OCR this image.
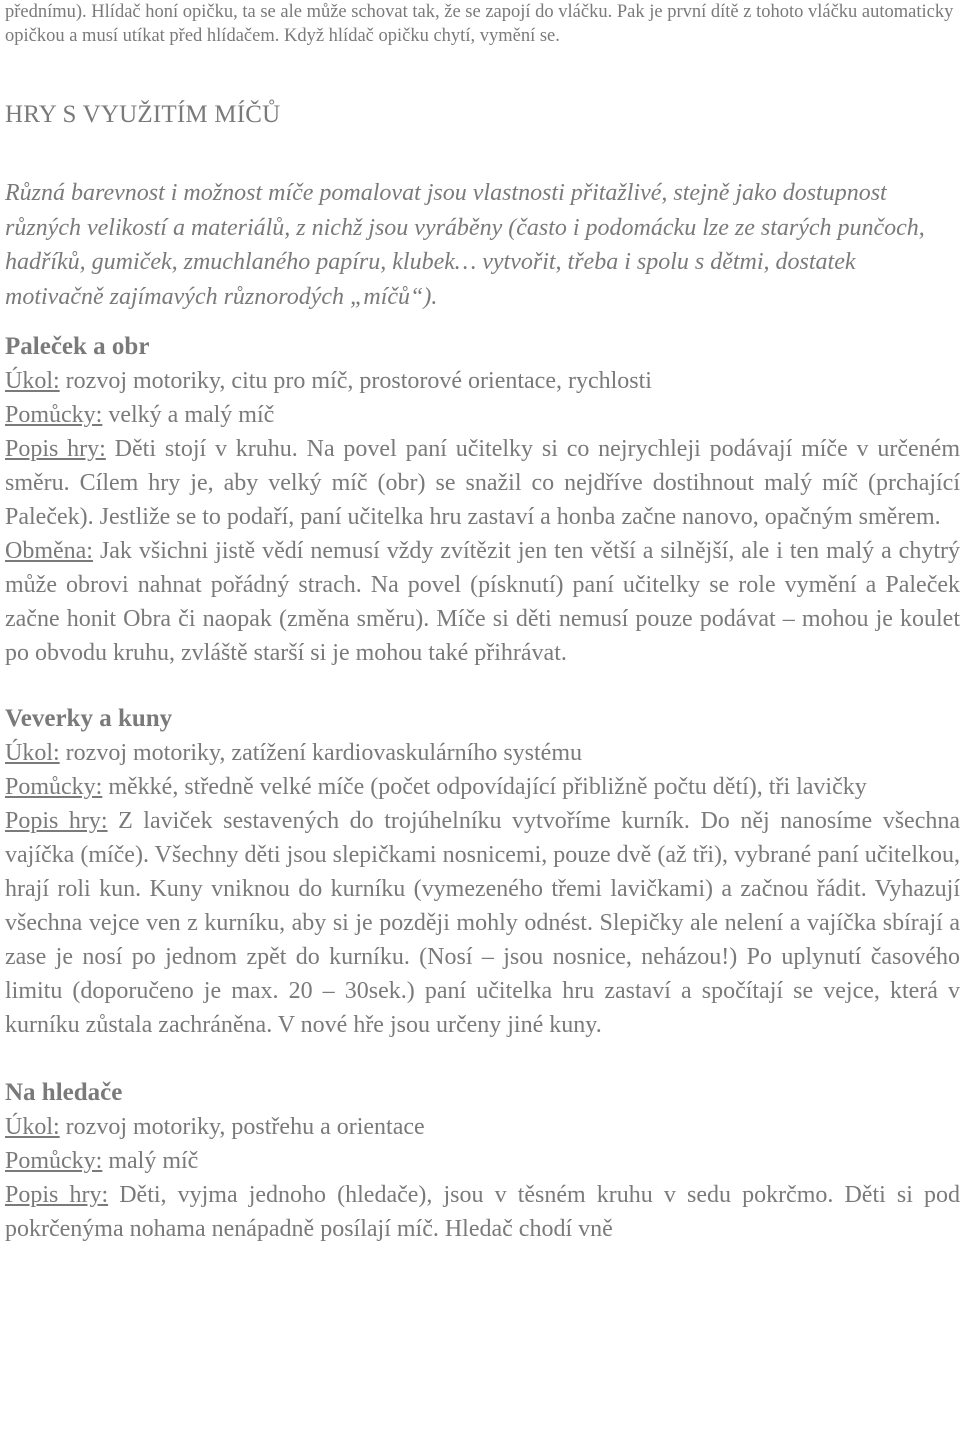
přednímu). Hlídač honí opičku, ta se ale může schovat tak, že se zapojí do vláčku. Pak je první dítě z tohoto vláčku automaticky opičkou a musí utíkat před hlídačem. Když hlídač opičku chytí, vymění se.

HRY S VYUŽITÍM MÍČŮ

Různá barevnost i možnost míče pomalovat jsou vlastnosti přitažlivé, stejně jako dostupnost různých velikostí a materiálů, z nichž jsou vyráběny (často i podomácku lze ze starých punčoch, hadříků, gumiček, zmuchlaného papíru, klubek… vytvořit, třeba i spolu s dětmi, dostatek motivačně zajímavých různorodých „míčů“).

Paleček a obr

Úkol: rozvoj motoriky, citu pro míč, prostorové orientace, rychlosti

Pomůcky: velký a malý míč

Popis hry: Děti stojí v kruhu. Na povel paní učitelky si co nejrychleji podávají míče v určeném směru. Cílem hry je, aby velký míč (obr) se snažil co nejdříve dostihnout malý míč (prchající Paleček). Jestliže se to podaří, paní učitelka hru zastaví a honba začne nanovo, opačným směrem.

Obměna: Jak všichni jistě vědí nemusí vždy zvítězit jen ten větší a silnější, ale i ten malý a chytrý může obrovi nahnat pořádný strach. Na povel (písknutí) paní učitelky se role vymění a Paleček začne honit Obra či naopak (změna směru). Míče si děti nemusí pouze podávat – mohou je koulet po obvodu kruhu, zvláště starší si je mohou také přihrávat.

Veverky a kuny

Úkol: rozvoj motoriky, zatížení kardiovaskulárního systému

Pomůcky: měkké, středně velké míče (počet odpovídající přibližně počtu dětí), tři lavičky

Popis hry: Z laviček sestavených do trojúhelníku vytvoříme kurník. Do něj nanosíme všechna vajíčka (míče). Všechny děti jsou slepičkami nosnicemi, pouze dvě (až tři), vybrané paní učitelkou, hrají roli kun. Kuny vniknou do kurníku (vymezeného třemi lavičkami) a začnou řádit. Vyhazují všechna vejce ven z kurníku, aby si je později mohly odnést. Slepičky ale nelení a vajíčka sbírají a zase je nosí po jednom zpět do kurníku. (Nosí – jsou nosnice, neházou!) Po uplynutí časového limitu (doporučeno je max. 20 – 30sek.) paní učitelka hru zastaví a spočítají se vejce, která v kurníku zůstala zachráněna. V nové hře jsou určeny jiné kuny.

Na hledače

Úkol: rozvoj motoriky, postřehu a orientace

Pomůcky: malý míč

Popis hry: Děti, vyjma jednoho (hledače), jsou v těsném kruhu v sedu pokrčmo. Děti si pod pokrčenýma nohama nenápadně posílají míč. Hledač chodí vně
